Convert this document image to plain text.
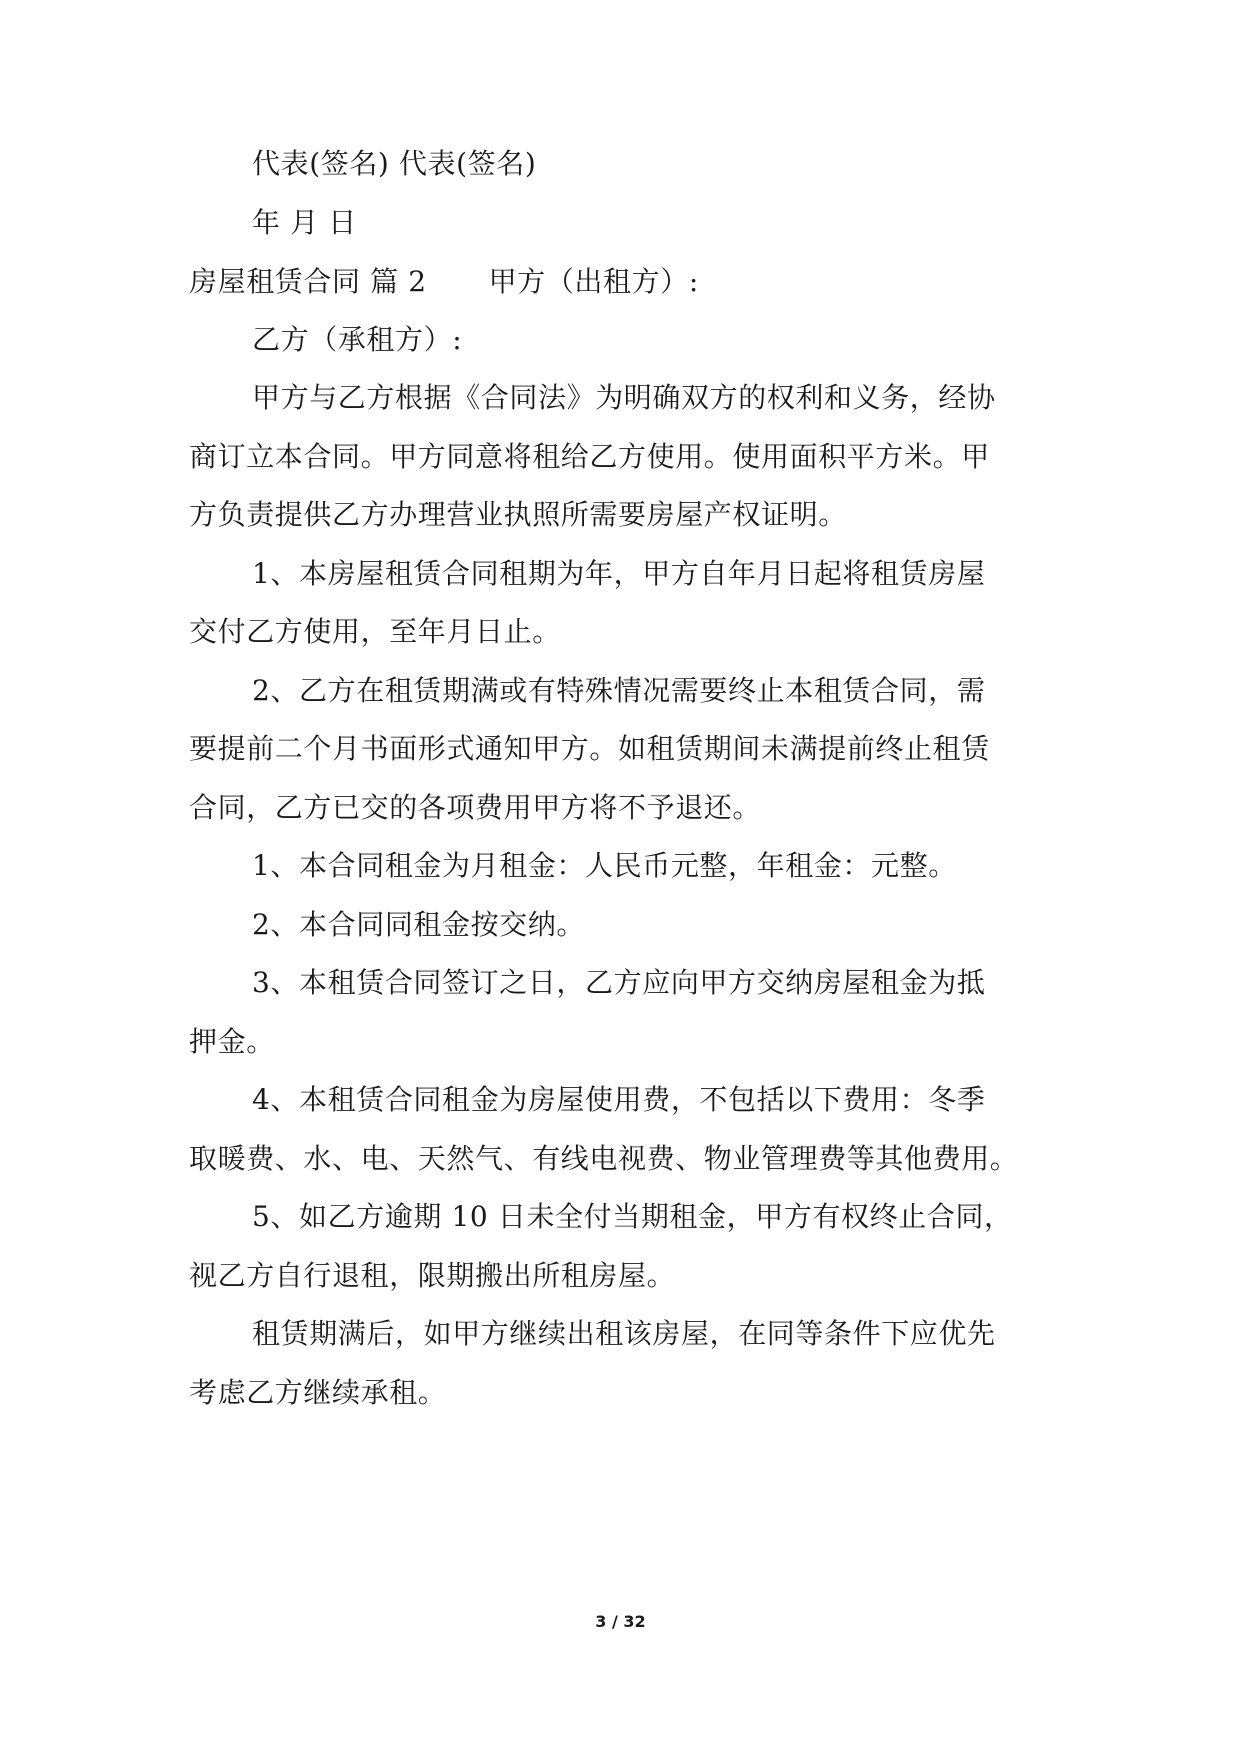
代表(签名) 代表(签名)
年 月 日
房屋租赁合同 篇 2 甲方（出租方）:
乙方（承租方）:
甲方与乙方根据《合同法》为明确双方的权利和义务，经协
商订立本合同。甲方同意将租给乙方使用。使用面积平方米。甲
方负责提供乙方办理营业执照所需要房屋产权证明。
1、本房屋租赁合同租期为年，甲方自年月日起将租赁房屋
交付乙方使用，至年月日止。
2、乙方在租赁期满或有特殊情况需要终止本租赁合同，需
要提前二个月书面形式通知甲方。如租赁期间未满提前终止租赁
合同，乙方已交的各项费用甲方将不予退还。
1、本合同租金为月租金：人民币元整，年租金：元整。
2、本合同同租金按交纳。
3、本租赁合同签订之日，乙方应向甲方交纳房屋租金为抵
押金。
4、本租赁合同租金为房屋使用费，不包括以下费用：冬季
取暖费、水、电、天然气、有线电视费、物业管理费等其他费用。
5、如乙方逾期 10 日未全付当期租金，甲方有权终止合同，
视乙方自行退租，限期搬出所租房屋。
租赁期满后，如甲方继续出租该房屋，在同等条件下应优先
考虑乙方继续承租。
3 / 32
